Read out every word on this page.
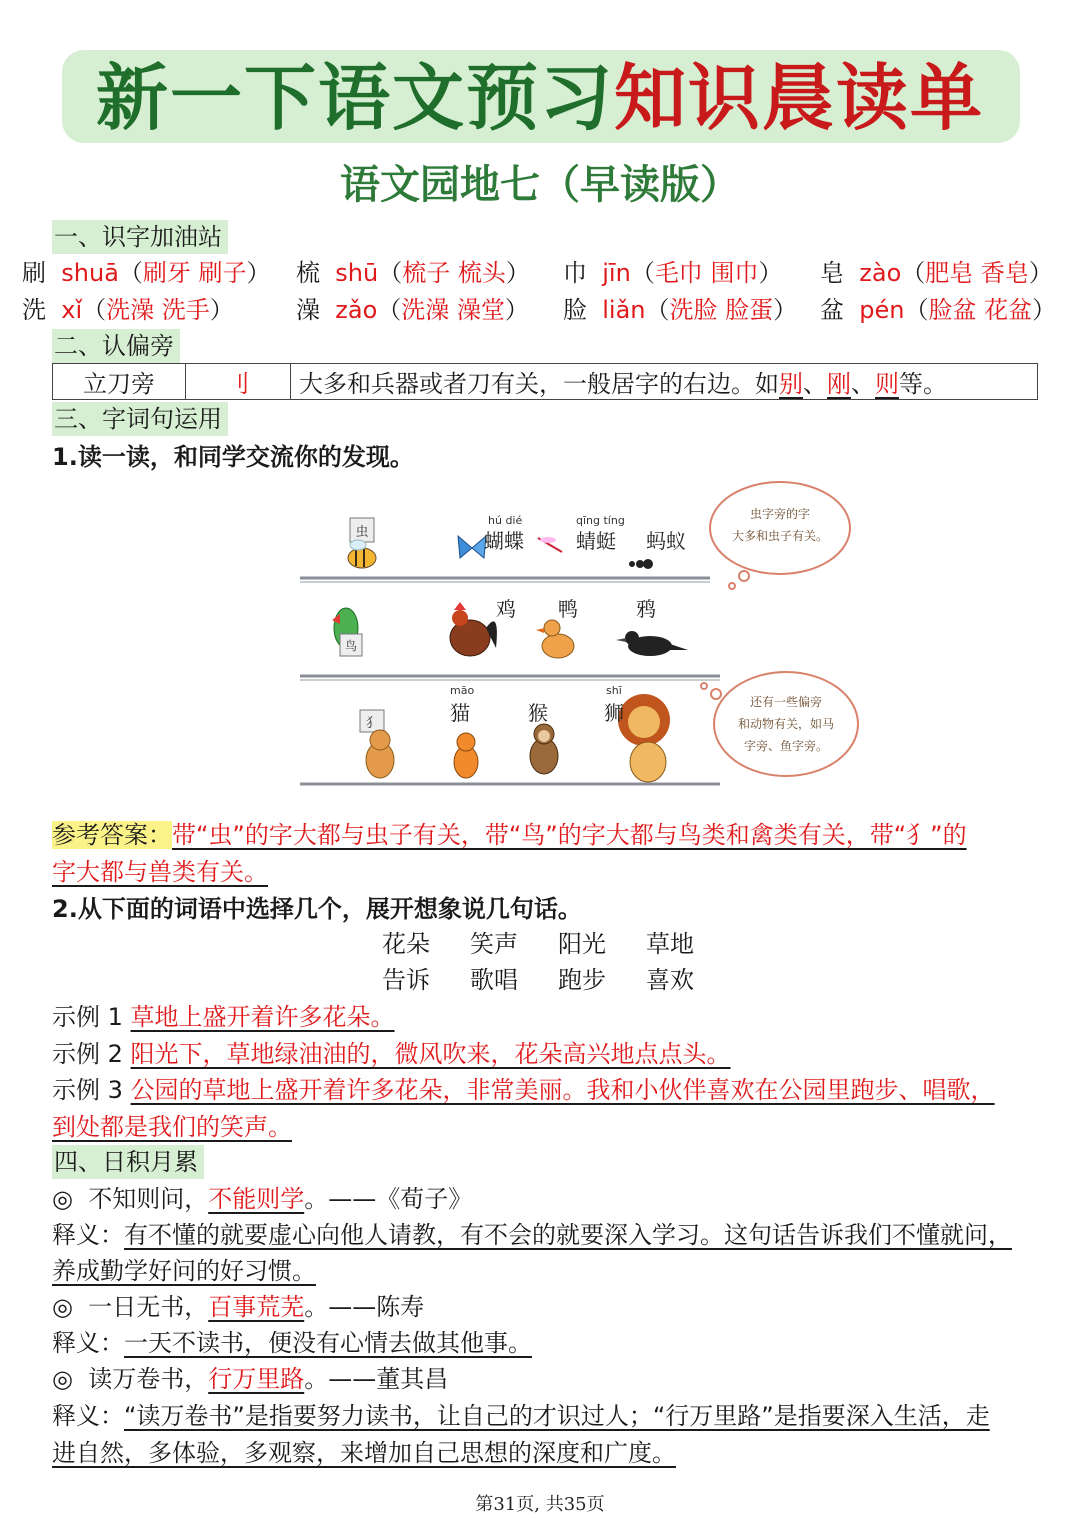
新一下语文预习知识晨读单
语文园地七（早读版）
一、识字加油站
刷 shuā（刷牙 刷子） 梳 shū（梳子 梳头） 巾 jīn（毛巾 围巾） 皂 zào（肥皂 香皂）
洗 xǐ（洗澡 洗手）	澡 zǎo（洗澡 澡堂） 脸 liǎn（洗脸 脸蛋） 盆 pén（脸盆 花盆）
二、认偏旁
立刀旁	刂	大多和兵器或者刀有关，一般居字的右边。如别、刚、则等。
三、字词句运用
1.读一读，和同学交流你的发现。
虫
hú dié	qīng tíng
蝴蝶	蜻蜓 蚂蚁
虫字旁的字
大多和虫子有关。
鸟
鸡 鸭	鸦
犭
māo	shī
猫	猴	狮	还有一些偏旁
和动物有关，如马
字旁、鱼字旁。
参考答案：带“虫”的字大都与虫子有关，带“鸟”的字大都与鸟类和禽类有关，带“犭”的
字大都与兽类有关。
2.从下面的词语中选择几个，展开想象说几句话。
花朵 笑声 阳光 草地
告诉 歌唱 跑步 喜欢
示例 1 草地上盛开着许多花朵。
示例 2 阳光下，草地绿油油的，微风吹来，花朵高兴地点点头。
示例 3 公园的草地上盛开着许多花朵，非常美丽。我和小伙伴喜欢在公园里跑步、唱歌，
到处都是我们的笑声。
四、日积月累
◎ 不知则问，不能则学。——《荀子》
释义：有不懂的就要虚心向他人请教，有不会的就要深入学习。这句话告诉我们不懂就问，
养成勤学好问的好习惯。
◎ 一日无书，百事荒芜。——陈寿
释义：一天不读书，便没有心情去做其他事。
◎ 读万卷书，行万里路。——董其昌
释义：“读万卷书”是指要努力读书，让自己的才识过人；“行万里路”是指要深入生活，走
进自然，多体验，多观察，来增加自己思想的深度和广度。
第31页, 共35页
